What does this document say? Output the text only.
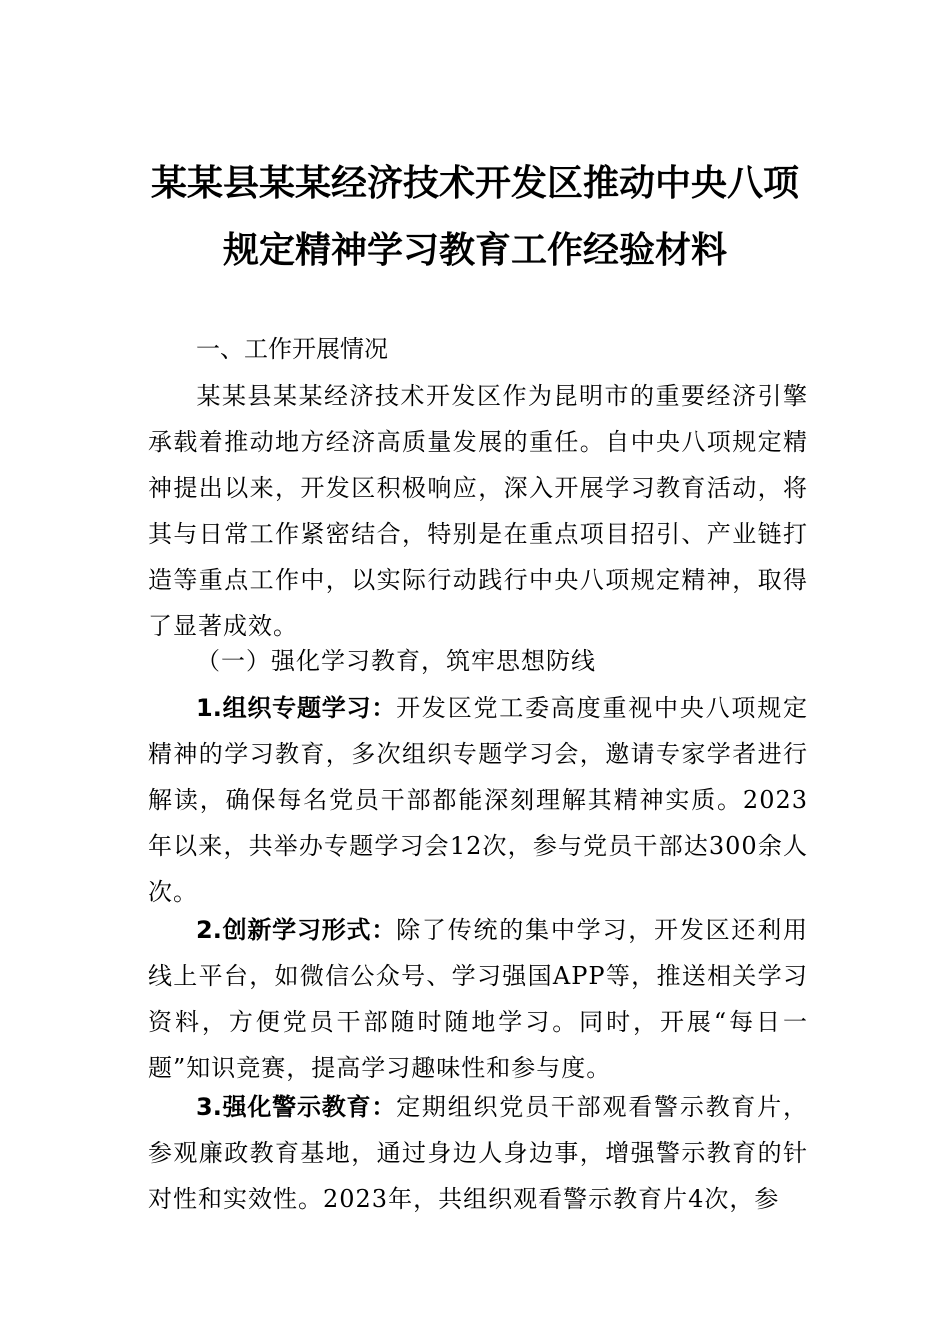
某某县某某经济技术开发区推动中央八项
规定精神学习教育工作经验材料
一、工作开展情况
某某县某某经济技术开发区作为昆明市的重要经济引擎承载着推动地方经济高质量发展的重任。自中央八项规定精神提出以来，开发区积极响应，深入开展学习教育活动，将其与日常工作紧密结合，特别是在重点项目招引、产业链打造等重点工作中，以实际行动践行中央八项规定精神，取得了显著成效。
（一）强化学习教育，筑牢思想防线
1.组织专题学习：开发区党工委高度重视中央八项规定精神的学习教育，多次组织专题学习会，邀请专家学者进行解读，确保每名党员干部都能深刻理解其精神实质。2023年以来，共举办专题学习会12次，参与党员干部达300余人次。
2.创新学习形式：除了传统的集中学习，开发区还利用线上平台，如微信公众号、学习强国APP等，推送相关学习资料，方便党员干部随时随地学习。同时，开展“每日一题”知识竞赛，提高学习趣味性和参与度。
3.强化警示教育：定期组织党员干部观看警示教育片，参观廉政教育基地，通过身边人身边事，增强警示教育的针对性和实效性。2023年，共组织观看警示教育片4次，参
